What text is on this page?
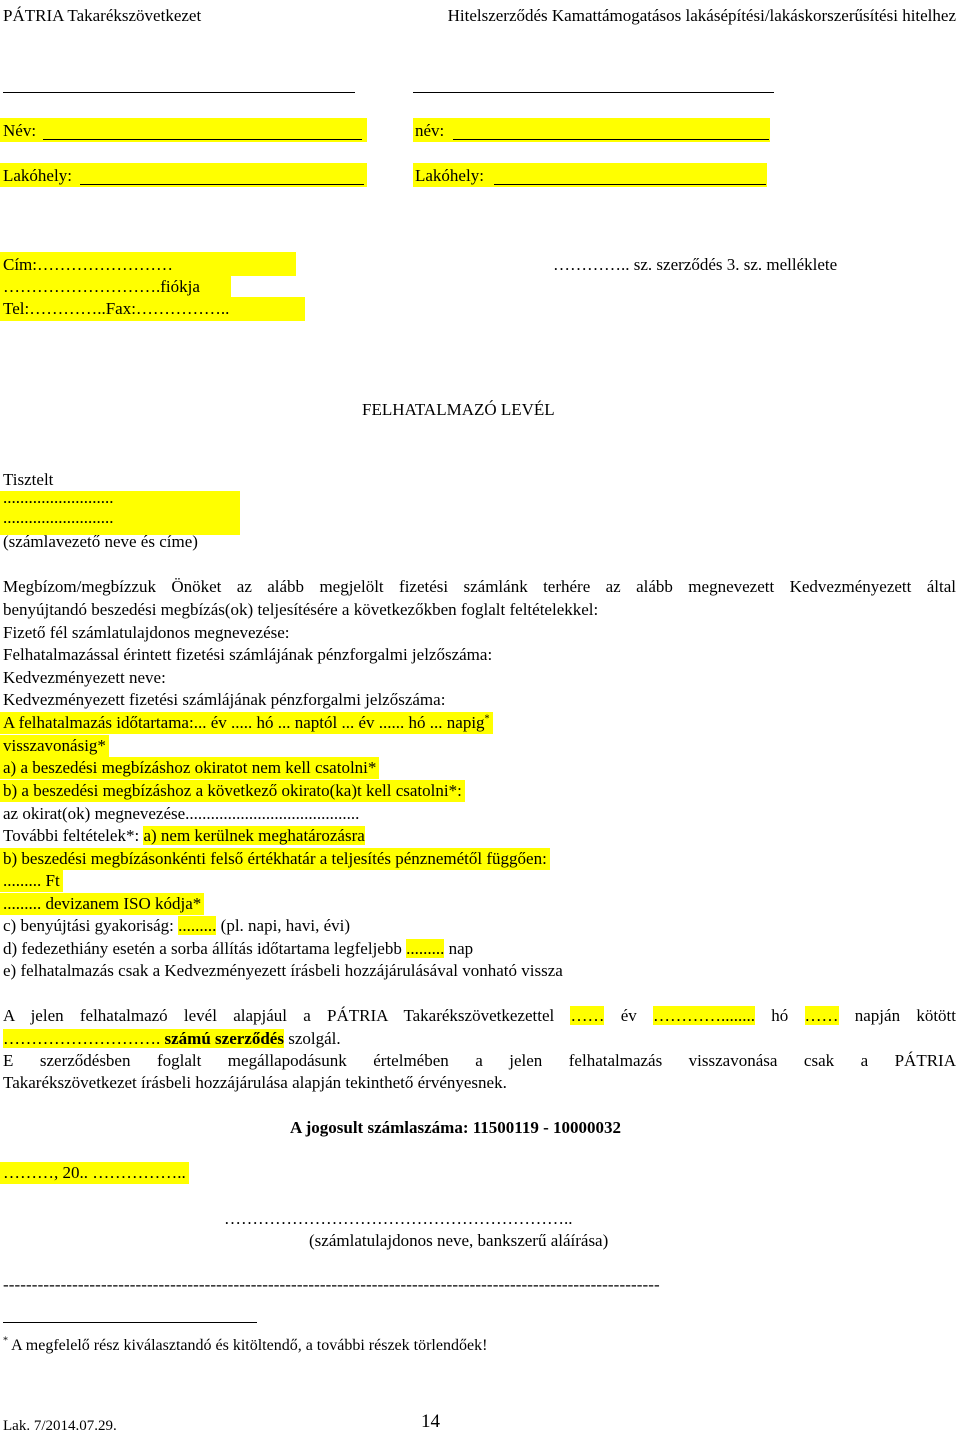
PÁTRIA Takarékszövetkezet	Hitelszerződés Kamattámogatásos lakásépítési/lakáskorszerűsítési hitelhez
Név:	név:
Lakóhely:	Lakóhely:
Cím:……………………
……………………….fiókja
Tel:…………..Fax:……………..
………….. sz. szerződés 3. sz. melléklete
FELHATALMAZÓ LEVÉL
Tisztelt
..........................
..........................
(számlavezető neve és címe)
Megbízom/megbízzuk Önöket az alább megjelölt fizetési számlánk terhére az alább megnevezett Kedvezményezett által
benyújtandó beszedési megbízás(ok) teljesítésére a következőkben foglalt feltételekkel:
Fizető fél számlatulajdonos megnevezése:
Felhatalmazással érintett fizetési számlájának pénzforgalmi jelzőszáma:
Kedvezményezett neve:
Kedvezményezett fizetési számlájának pénzforgalmi jelzőszáma:
A felhatalmazás időtartama:... év ..... hó ... naptól ... év ...... hó ... napig*
visszavonásig*
a) a beszedési megbízáshoz okiratot nem kell csatolni*
b) a beszedési megbízáshoz a következő okirato(ka)t kell csatolni*:
az okirat(ok) megnevezése.........................................
További feltételek*: a) nem kerülnek meghatározásra
b) beszedési megbízásonkénti felső értékhatár a teljesítés pénznemétől függően:
......... Ft
......... devizanem ISO kódja*
c) benyújtási gyakoriság: ......... (pl. napi, havi, évi)
d) fedezethiány esetén a sorba állítás időtartama legfeljebb ......... nap
e) felhatalmazás csak a Kedvezményezett írásbeli hozzájárulásával vonható vissza
A jelen felhatalmazó levél alapjául a PÁTRIA Takarékszövetkezettel …… év …………........ hó …… napján kötött
………………………. számú szerződés szolgál.
E szerződésben foglalt megállapodásunk értelmében a jelen felhatalmazás visszavonása csak a PÁTRIA
Takarékszövetkezet írásbeli hozzájárulása alapján tekinthető érvényesnek.
A jogosult számlaszáma: 11500119 - 10000032
………, 20.. ……………..
……………………………………………………..
(számlatulajdonos neve, bankszerű aláírása)
------------------------------------------------------------------------------------------------------------------
* A megfelelő rész kiválasztandó és kitöltendő, a további részek törlendőek!
Lak. 7/2014.07.29.	14
